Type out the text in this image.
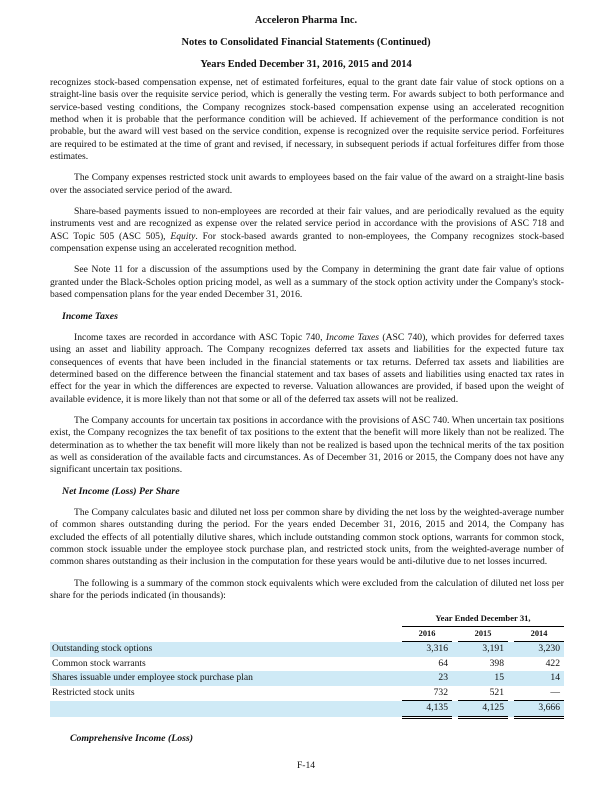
Acceleron Pharma Inc.
Notes to Consolidated Financial Statements (Continued)
Years Ended December 31, 2016, 2015 and 2014

recognizes stock-based compensation expense, net of estimated forfeitures, equal to the grant date fair value of stock options on a straight-line basis over the requisite service period, which is generally the vesting term. For awards subject to both performance and service-based vesting conditions, the Company recognizes stock-based compensation expense using an accelerated recognition method when it is probable that the performance condition will be achieved. If achievement of the performance condition is not probable, but the award will vest based on the service condition, expense is recognized over the requisite service period. Forfeitures are required to be estimated at the time of grant and revised, if necessary, in subsequent periods if actual forfeitures differ from those estimates.

The Company expenses restricted stock unit awards to employees based on the fair value of the award on a straight-line basis over the associated service period of the award.

Share-based payments issued to non-employees are recorded at their fair values, and are periodically revalued as the equity instruments vest and are recognized as expense over the related service period in accordance with the provisions of ASC 718 and ASC Topic 505 (ASC 505), Equity. For stock-based awards granted to non-employees, the Company recognizes stock-based compensation expense using an accelerated recognition method.

See Note 11 for a discussion of the assumptions used by the Company in determining the grant date fair value of options granted under the Black-Scholes option pricing model, as well as a summary of the stock option activity under the Company's stock-based compensation plans for the year ended December 31, 2016.

Income Taxes

Income taxes are recorded in accordance with ASC Topic 740, Income Taxes (ASC 740), which provides for deferred taxes using an asset and liability approach. The Company recognizes deferred tax assets and liabilities for the expected future tax consequences of events that have been included in the financial statements or tax returns. Deferred tax assets and liabilities are determined based on the difference between the financial statement and tax bases of assets and liabilities using enacted tax rates in effect for the year in which the differences are expected to reverse. Valuation allowances are provided, if based upon the weight of available evidence, it is more likely than not that some or all of the deferred tax assets will not be realized.

The Company accounts for uncertain tax positions in accordance with the provisions of ASC 740. When uncertain tax positions exist, the Company recognizes the tax benefit of tax positions to the extent that the benefit will more likely than not be realized. The determination as to whether the tax benefit will more likely than not be realized is based upon the technical merits of the tax position as well as consideration of the available facts and circumstances. As of December 31, 2016 or 2015, the Company does not have any significant uncertain tax positions.

Net Income (Loss) Per Share

The Company calculates basic and diluted net loss per common share by dividing the net loss by the weighted-average number of common shares outstanding during the period. For the years ended December 31, 2016, 2015 and 2014, the Company has excluded the effects of all potentially dilutive shares, which include outstanding common stock options, warrants for common stock, common stock issuable under the employee stock purchase plan, and restricted stock units, from the weighted-average number of common shares outstanding as their inclusion in the computation for these years would be anti-dilutive due to net losses incurred.

The following is a summary of the common stock equivalents which were excluded from the calculation of diluted net loss per share for the periods indicated (in thousands):

	Year Ended December 31,				
	2016		2015		2014
Outstanding stock options	3,316		3,191		3,230
Common stock warrants	64		398		422
Shares issuable under employee stock purchase plan	23		15		14
Restricted stock units	732		521		—
	4,135		4,125		3,666
Comprehensive Income (Loss)
F-14
